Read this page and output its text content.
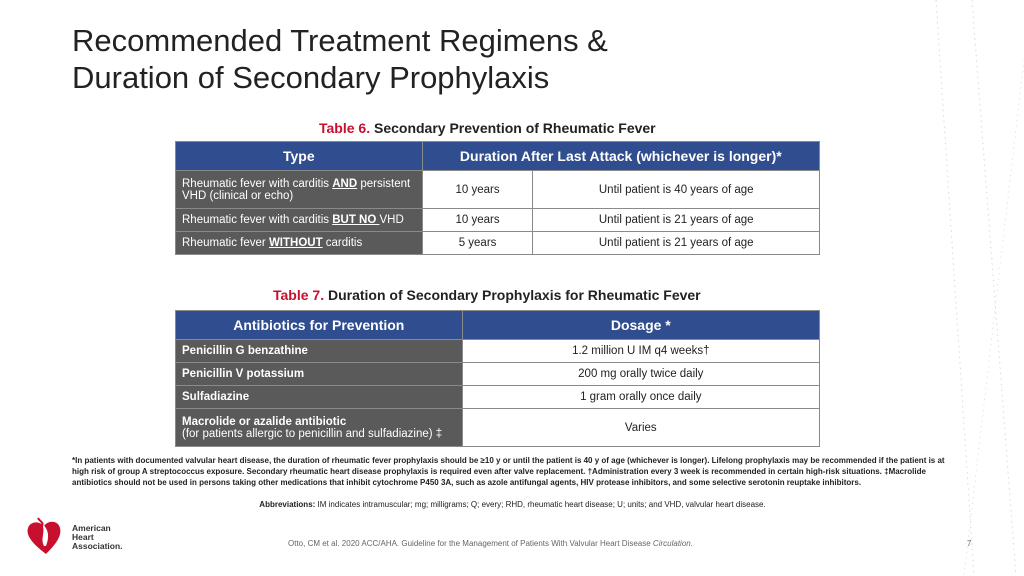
Recommended Treatment Regimens &
Duration of Secondary Prophylaxis
Table 6. Secondary Prevention of Rheumatic Fever
Type	Duration After Last Attack (whichever is longer)*	
Rheumatic fever with carditis AND persistent VHD (clinical or echo)	10 years	Until patient is 40 years of age
Rheumatic fever with carditis BUT NO VHD	10 years	Until patient is 21 years of age
Rheumatic fever WITHOUT carditis	5 years	Until patient is 21 years of age
Table 7. Duration of Secondary Prophylaxis for Rheumatic Fever
Antibiotics for Prevention	Dosage *
Penicillin G benzathine	1.2 million U IM q4 weeks†
Penicillin V potassium	200 mg orally twice daily
Sulfadiazine	1 gram orally once daily
Macrolide or azalide antibiotic
(for patients allergic to penicillin and sulfadiazine) ‡	Varies
*In patients with documented valvular heart disease, the duration of rheumatic fever prophylaxis should be ≥10 y or until the patient is 40 y of age (whichever is longer). Lifelong prophylaxis may be recommended if the patient is at high risk of group A streptococcus exposure. Secondary rheumatic heart disease prophylaxis is required even after valve replacement. †Administration every 3 week is recommended in certain high-risk situations. ‡Macrolide antibiotics should not be used in persons taking other medications that inhibit cytochrome P450 3A, such as azole antifungal agents, HIV protease inhibitors, and some selective serotonin reuptake inhibitors.
Abbreviations: IM indicates intramuscular; mg; milligrams; Q; every; RHD, rheumatic heart disease; U; units; and VHD, valvular heart disease.
American
Heart
Association.	Otto, CM et al. 2020 ACC/AHA. Guideline for the Management of Patients With Valvular Heart Disease Circulation.	7
